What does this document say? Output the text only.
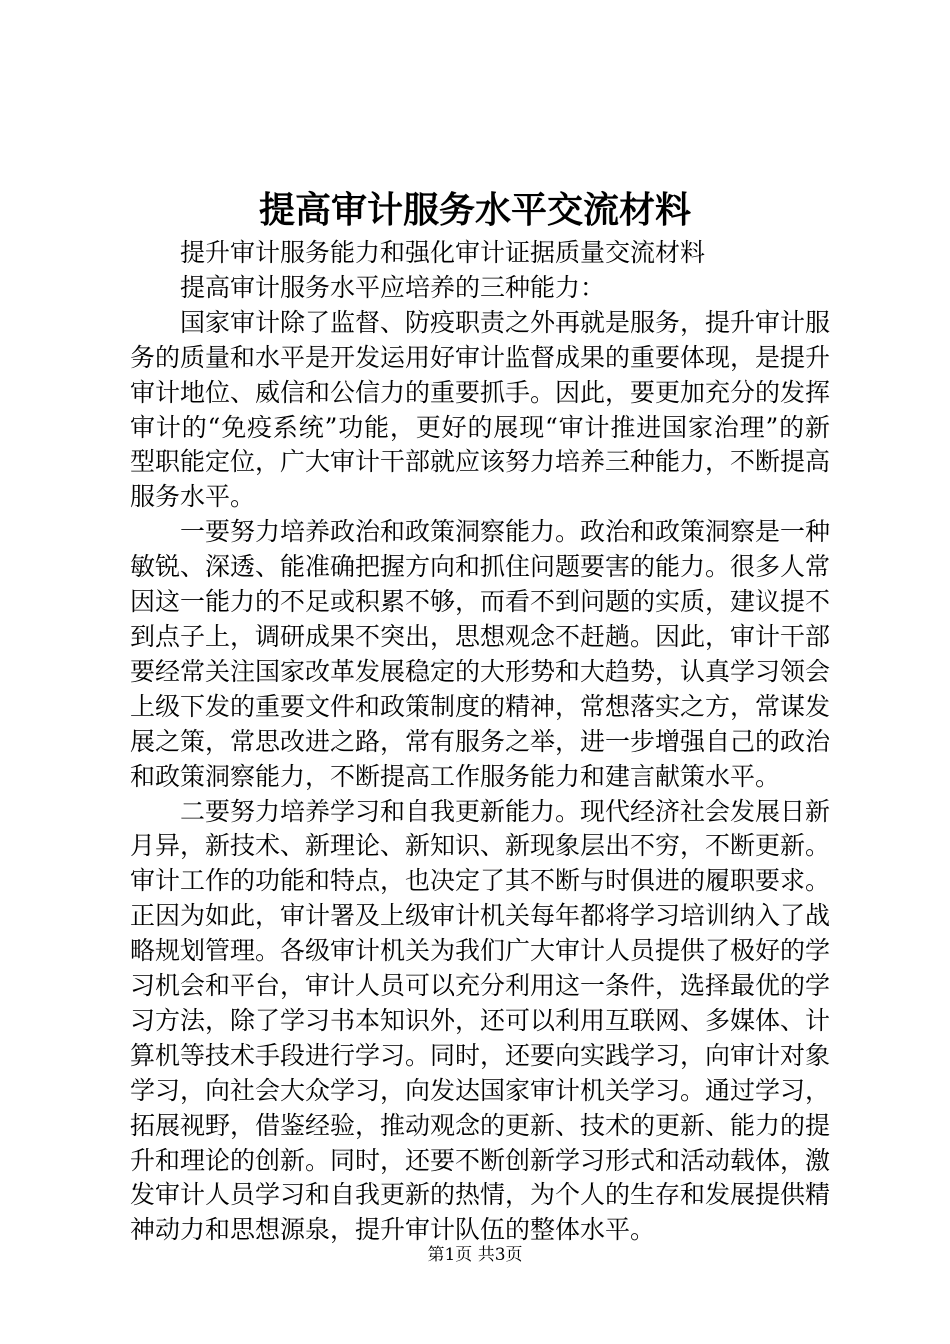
提高审计服务水平交流材料

提升审计服务能力和强化审计证据质量交流材料

提高审计服务水平应培养的三种能力：

国家审计除了监督、防疫职责之外再就是服务，提升审计服务的质量和水平是开发运用好审计监督成果的重要体现，是提升审计地位、威信和公信力的重要抓手。因此，要更加充分的发挥审计的“免疫系统”功能，更好的展现“审计推进国家治理”的新型职能定位，广大审计干部就应该努力培养三种能力，不断提高服务水平。

一要努力培养政治和政策洞察能力。政治和政策洞察是一种敏锐、深透、能准确把握方向和抓住问题要害的能力。很多人常因这一能力的不足或积累不够，而看不到问题的实质，建议提不到点子上，调研成果不突出，思想观念不赶趟。因此，审计干部要经常关注国家改革发展稳定的大形势和大趋势，认真学习领会上级下发的重要文件和政策制度的精神，常想落实之方，常谋发展之策，常思改进之路，常有服务之举，进一步增强自己的政治和政策洞察能力，不断提高工作服务能力和建言献策水平。

二要努力培养学习和自我更新能力。现代经济社会发展日新月异，新技术、新理论、新知识、新现象层出不穷，不断更新。审计工作的功能和特点，也决定了其不断与时俱进的履职要求。正因为如此，审计署及上级审计机关每年都将学习培训纳入了战略规划管理。各级审计机关为我们广大审计人员提供了极好的学习机会和平台，审计人员可以充分利用这一条件，选择最优的学习方法，除了学习书本知识外，还可以利用互联网、多媒体、计算机等技术手段进行学习。同时，还要向实践学习，向审计对象学习，向社会大众学习，向发达国家审计机关学习。通过学习，拓展视野，借鉴经验，推动观念的更新、技术的更新、能力的提升和理论的创新。同时，还要不断创新学习形式和活动载体，激发审计人员学习和自我更新的热情，为个人的生存和发展提供精神动力和思想源泉，提升审计队伍的整体水平。

第1页 共3页
